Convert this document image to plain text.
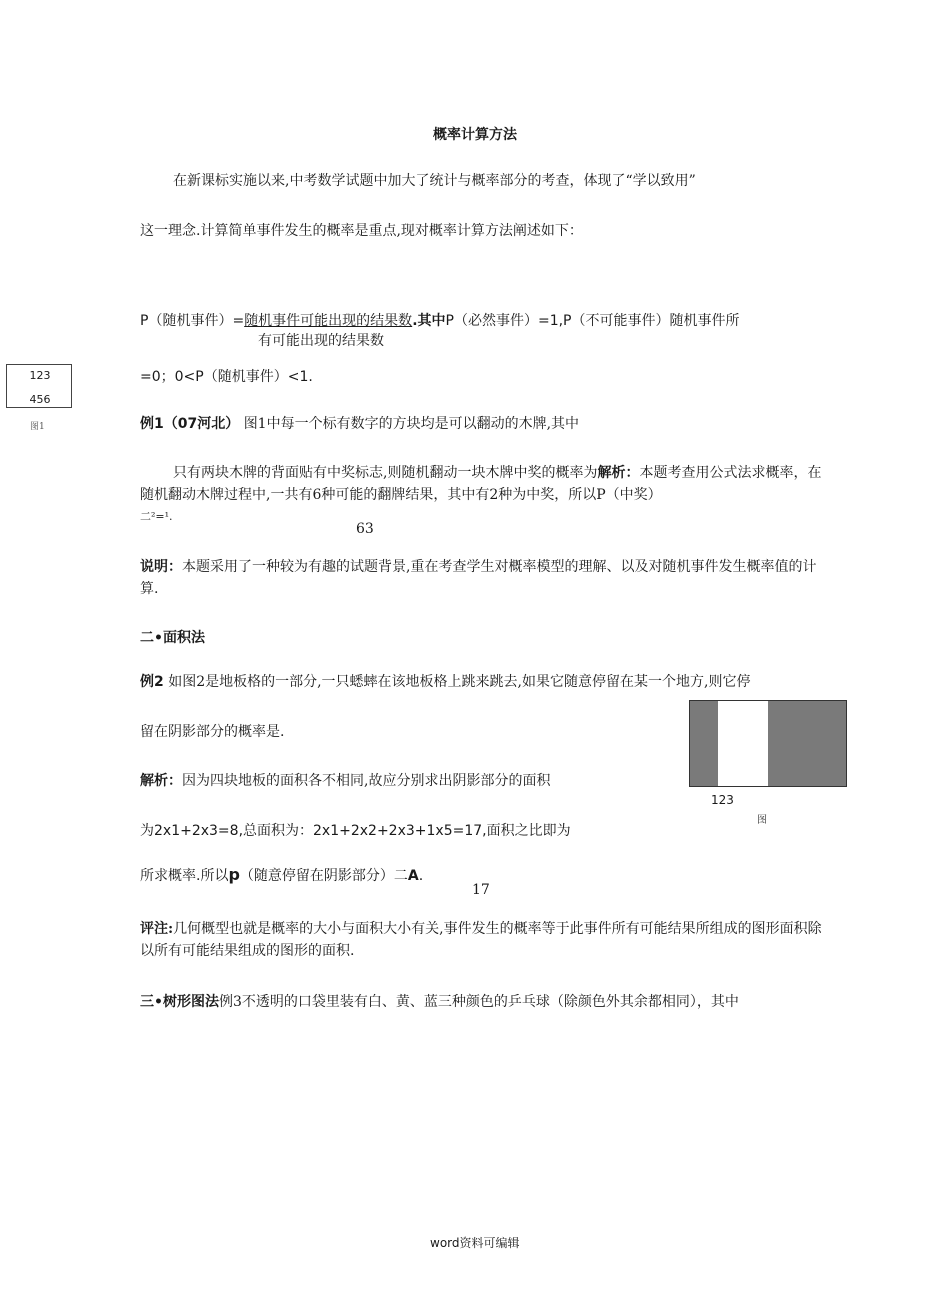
概率计算方法
在新课标实施以来,中考数学试题中加大了统计与概率部分的考查，体现了“学以致用”
这一理念.计算简单事件发生的概率是重点,现对概率计算方法阐述如下：
P（随机事件）=随机事件可能出现的结果数.其中P（必然事件）=1,P（不可能事件）随机事件所
有可能出现的结果数
=0；0<P（随机事件）<1.
123
456
图1	例1（07河北） 图1中每一个标有数字的方块均是可以翻动的木牌,其中
只有两块木牌的背面贴有中奖标志,则随机翻动一块木牌中奖的概率为解析：本题考查用公式法求概率，在随机翻动木牌过程中,一共有6种可能的翻牌结果，其中有2种为中奖，所以P（中奖）
二²=¹.
63
说明：本题采用了一种较为有趣的试题背景,重在考查学生对概率模型的理解、以及对随机事件发生概率值的计算.
二•面积法
例2 如图2是地板格的一部分,一只蟋蟀在该地板格上跳来跳去,如果它随意停留在某一个地方,则它停
留在阴影部分的概率是.
123
图
解析：因为四块地板的面积各不相同,故应分别求出阴影部分的面积
为2x1+2x3=8,总面积为：2x1+2x2+2x3+1x5=17,面积之比即为
所求概率.所以p（随意停留在阴影部分）二A.
17
评注:几何概型也就是概率的大小与面积大小有关,事件发生的概率等于此事件所有可能结果所组成的图形面积除以所有可能结果组成的图形的面积.
三•树形图法例3不透明的口袋里装有白、黄、蓝三种颜色的乒乓球（除颜色外其余都相同），其中
word资料可编辑
